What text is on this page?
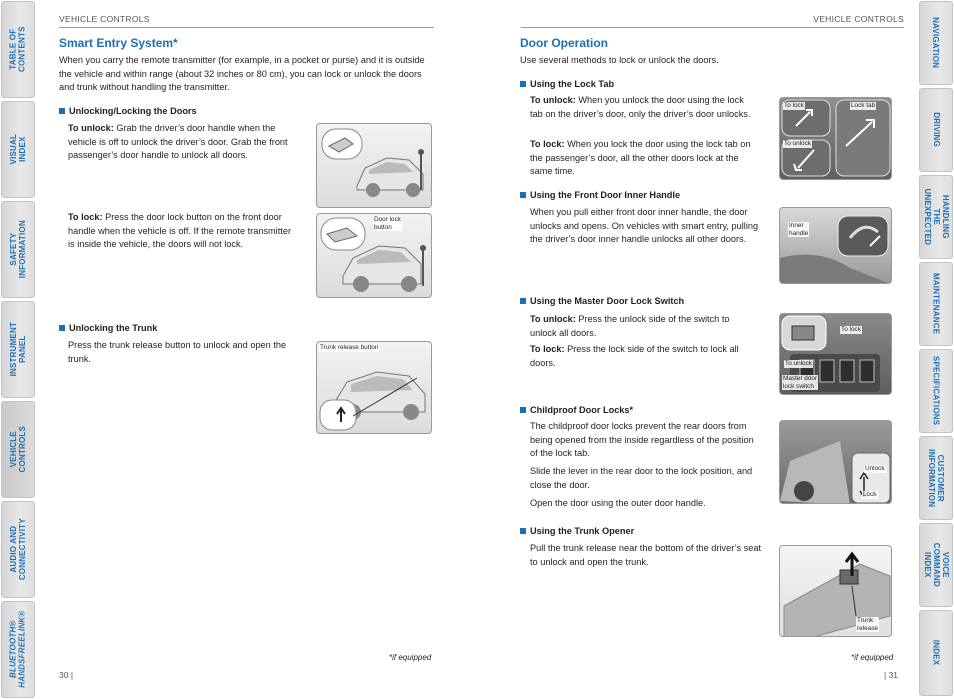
TABLE OF CONTENTS
VISUAL INDEX
SAFETY INFORMATION
INSTRUMENT PANEL
VEHICLE
CONTROLS
AUDIO AND
CONNECTIVITY
BLUETOOTH®
HANDSFREELINK®
NAVIGATION
DRIVING
HANDLING THE
UNEXPECTED
MAINTENANCE
SPECIFICATIONS
CUSTOMER
INFORMATION
VOICE COMMAND
INDEX
INDEX
VEHICLE CONTROLS
Smart Entry System*
When you carry the remote transmitter (for example, in a pocket or purse) and it is outside the vehicle and within range (about 32 inches or 80 cm), you can lock or unlock the doors and trunk without handling the transmitter.
Unlocking/Locking the Doors
To unlock: Grab the driver’s door handle when the vehicle is off to unlock the driver’s door. Grab the front passenger’s door handle to unlock all doors.
To lock: Press the door lock button on the front door handle when the vehicle is off. If the remote transmitter is inside the vehicle, the doors will not lock.
Door lock
button
Unlocking the Trunk
Press the trunk release button to unlock and open the trunk.
Trunk release button
*if equipped
30 |
VEHICLE CONTROLS
Door Operation
Use several methods to lock or unlock the doors.
Using the Lock Tab
To unlock: When you unlock the door using the lock tab on the driver’s door, only the driver’s door unlocks.
To lock: When you lock the door using the lock tab on the passenger’s door, all the other doors lock at the same time.
To lock	Lock tab
To unlock
Using the Front Door Inner Handle
When you pull either front door inner handle, the door unlocks and opens. On vehicles with smart entry, pulling the driver’s door inner handle unlocks all other doors.
Inner
handle
Using the Master Door Lock Switch
To unlock: Press the unlock side of the switch to unlock all doors.
To lock: Press the lock side of the switch to lock all doors.
To lock
To unlock
Master door
lock switch
Childproof Door Locks*
The childproof door locks prevent the rear doors from being opened from the inside regardless of the position of the lock tab.
Slide the lever in the rear door to the lock position, and close the door.
Open the door using the outer door handle.
Unlock
Lock
Using the Trunk Opener
Pull the trunk release near the bottom of the driver’s seat to unlock and open the trunk.
Trunk
release
*if equipped
| 31
